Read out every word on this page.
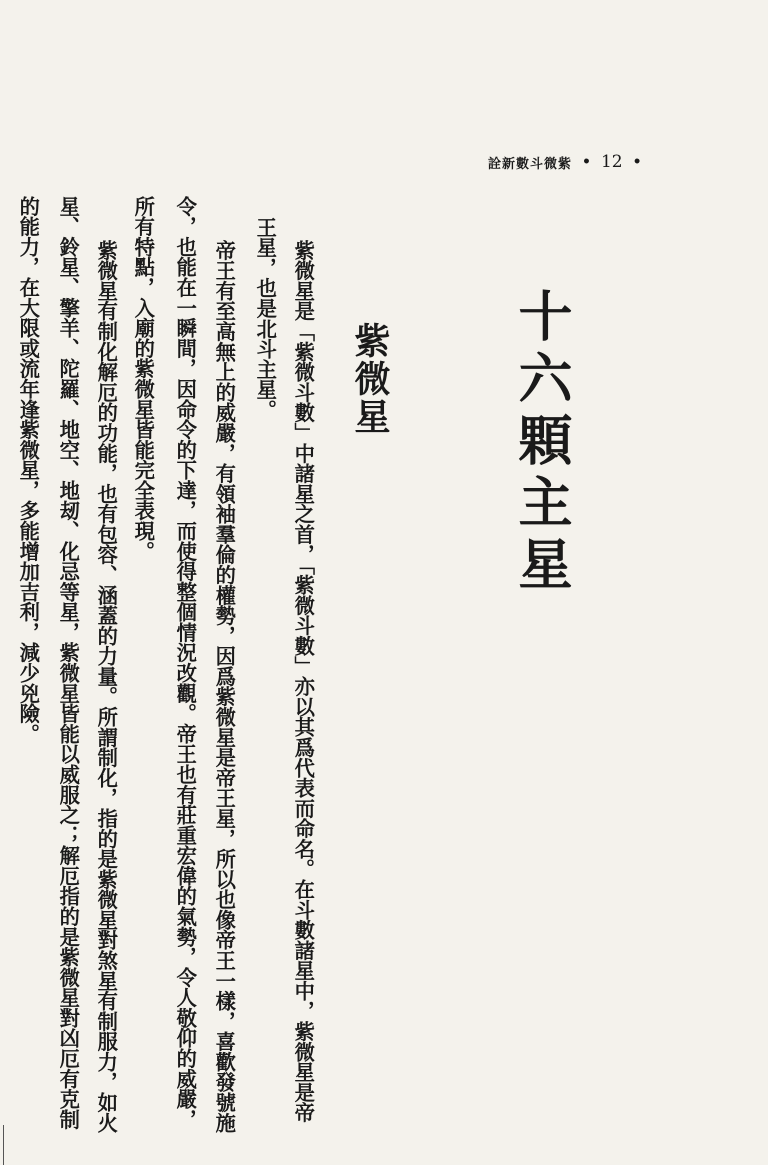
詮新數斗微紫 • 12 •
十六顆主星
紫微星
紫微星是「紫微斗數」中諸星之首，「紫微斗數」亦以其爲代表而命名。在斗數諸星中，紫微星是帝
王星，也是北斗主星。
帝王有至高無上的威嚴，有領袖羣倫的權勢，因爲紫微星是帝王星，所以也像帝王一樣，喜歡發號施
令，也能在一瞬間，因命令的下達，而使得整個情況改觀。帝王也有莊重宏偉的氣勢，令人敬仰的威嚴，
所有特點，入廟的紫微星皆能完全表現。
紫微星有制化解厄的功能，也有包容、涵蓋的力量。所謂制化，指的是紫微星對煞星有制服力，如火
星、鈴星、擎羊、陀羅、地空、地刼、化忌等星，紫微星皆能以威服之；解厄指的是紫微星對凶厄有克制
的能力，在大限或流年逢紫微星，多能增加吉利，減少兇險。
